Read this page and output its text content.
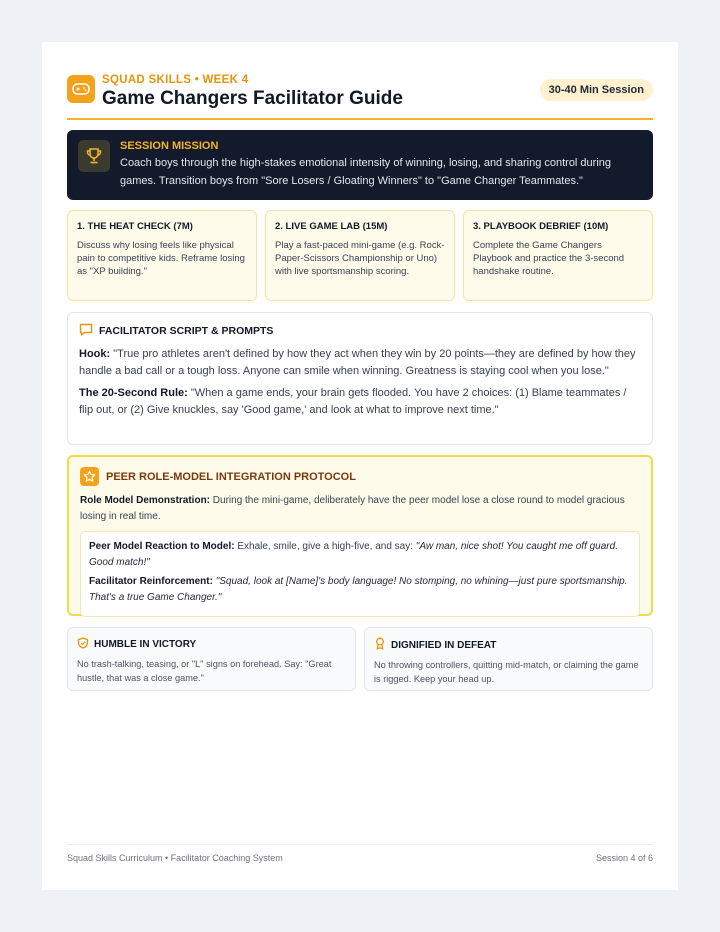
SQUAD SKILLS • WEEK 4
Game Changers Facilitator Guide	30-40 Min Session
SESSION MISSION
Coach boys through the high-stakes emotional intensity of winning, losing, and sharing control during games. Transition boys from "Sore Losers / Gloating Winners" to "Game Changer Teammates."
1. THE HEAT CHECK (7M)
Discuss why losing feels like physical pain to competitive kids. Reframe losing as "XP building."
2. LIVE GAME LAB (15M)
Play a fast-paced mini-game (e.g. Rock-Paper-Scissors Championship or Uno) with live sportsmanship scoring.
3. PLAYBOOK DEBRIEF (10M)
Complete the Game Changers Playbook and practice the 3-second handshake routine.
FACILITATOR SCRIPT & PROMPTS

Hook: "True pro athletes aren't defined by how they act when they win by 20 points—they are defined by how they handle a bad call or a tough loss. Anyone can smile when winning. Greatness is staying cool when you lose."

The 20-Second Rule: "When a game ends, your brain gets flooded. You have 2 choices: (1) Blame teammates / flip out, or (2) Give knuckles, say 'Good game,' and look at what to improve next time."

PEER ROLE-MODEL INTEGRATION PROTOCOL

Role Model Demonstration: During the mini-game, deliberately have the peer model lose a close round to model gracious losing in real time.

Peer Model Reaction to Model: Exhale, smile, give a high-five, and say: "Aw man, nice shot! You caught me off guard. Good match!"

Facilitator Reinforcement: "Squad, look at [Name]'s body language! No stomping, no whining—just pure sportsmanship. That's a true Game Changer."

HUMBLE IN VICTORY
No trash-talking, teasing, or "L" signs on forehead. Say: "Great hustle, that was a close game."
DIGNIFIED IN DEFEAT
No throwing controllers, quitting mid-match, or claiming the game is rigged. Keep your head up.
Squad Skills Curriculum • Facilitator Coaching System	Session 4 of 6
